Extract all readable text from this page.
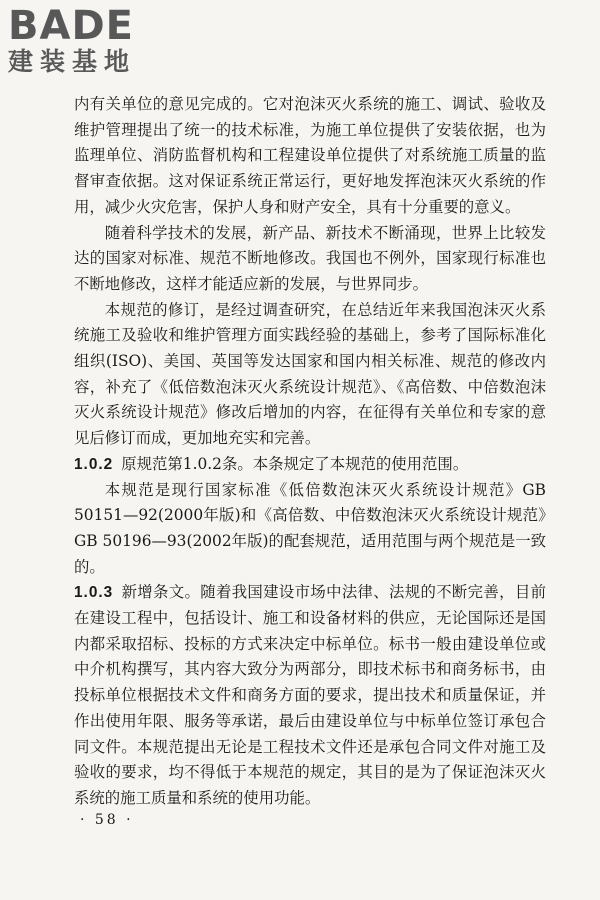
BADE
建装基地

内有关单位的意见完成的。它对泡沫灭火系统的施工、调试、验收及维护管理提出了统一的技术标准，为施工单位提供了安装依据，也为监理单位、消防监督机构和工程建设单位提供了对系统施工质量的监督审查依据。这对保证系统正常运行，更好地发挥泡沫灭火系统的作用，减少火灾危害，保护人身和财产安全，具有十分重要的意义。

随着科学技术的发展，新产品、新技术不断涌现，世界上比较发达的国家对标准、规范不断地修改。我国也不例外，国家现行标准也不断地修改，这样才能适应新的发展，与世界同步。

本规范的修订，是经过调查研究，在总结近年来我国泡沫灭火系统施工及验收和维护管理方面实践经验的基础上，参考了国际标准化组织(ISO)、美国、英国等发达国家和国内相关标准、规范的修改内容，补充了《低倍数泡沫灭火系统设计规范》、《高倍数、中倍数泡沫灭火系统设计规范》修改后增加的内容，在征得有关单位和专家的意见后修订而成，更加地充实和完善。

1.0.2 原规范第1.0.2条。本条规定了本规范的使用范围。

本规范是现行国家标准《低倍数泡沫灭火系统设计规范》GB 50151—92(2000年版)和《高倍数、中倍数泡沫灭火系统设计规范》GB 50196—93(2002年版)的配套规范，适用范围与两个规范是一致的。

1.0.3 新增条文。随着我国建设市场中法律、法规的不断完善，目前在建设工程中，包括设计、施工和设备材料的供应，无论国际还是国内都采取招标、投标的方式来决定中标单位。标书一般由建设单位或中介机构撰写，其内容大致分为两部分，即技术标书和商务标书，由投标单位根据技术文件和商务方面的要求，提出技术和质量保证，并作出使用年限、服务等承诺，最后由建设单位与中标单位签订承包合同文件。本规范提出无论是工程技术文件还是承包合同文件对施工及验收的要求，均不得低于本规范的规定，其目的是为了保证泡沫灭火系统的施工质量和系统的使用功能。

· 58 ·
